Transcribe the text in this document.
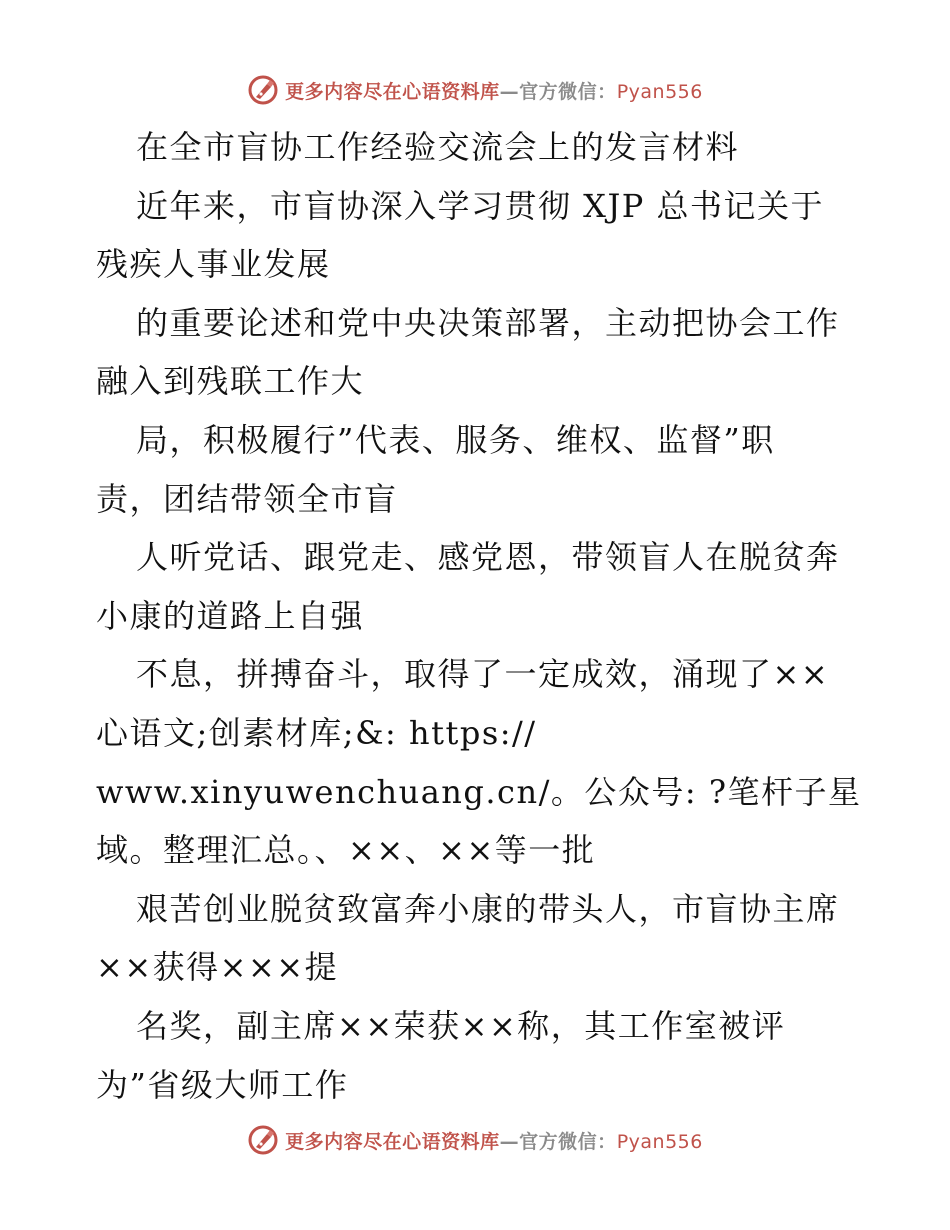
更多内容尽在心语资料库—官方微信：Pyan556
在全市盲协工作经验交流会上的发言材料
近年来，市盲协深入学习贯彻 XJP 总书记关于
残疾人事业发展
的重要论述和党中央决策部署，主动把协会工作
融入到残联工作大
局，积极履行”代表、服务、维权、监督”职
责，团结带领全市盲
人听党话、跟党走、感党恩，带领盲人在脱贫奔
小康的道路上自强
不息，拼搏奋斗，取得了一定成效，涌现了××
心语文;创素材库;&: https://
www.xinyuwenchuang.cn/。公众号: ?笔杆子星
域。整理汇总。、××、××等一批
艰苦创业脱贫致富奔小康的带头人，市盲协主席
××获得×××提
名奖，副主席××荣获××称，其工作室被评
为”省级大师工作
更多内容尽在心语资料库—官方微信：Pyan556
